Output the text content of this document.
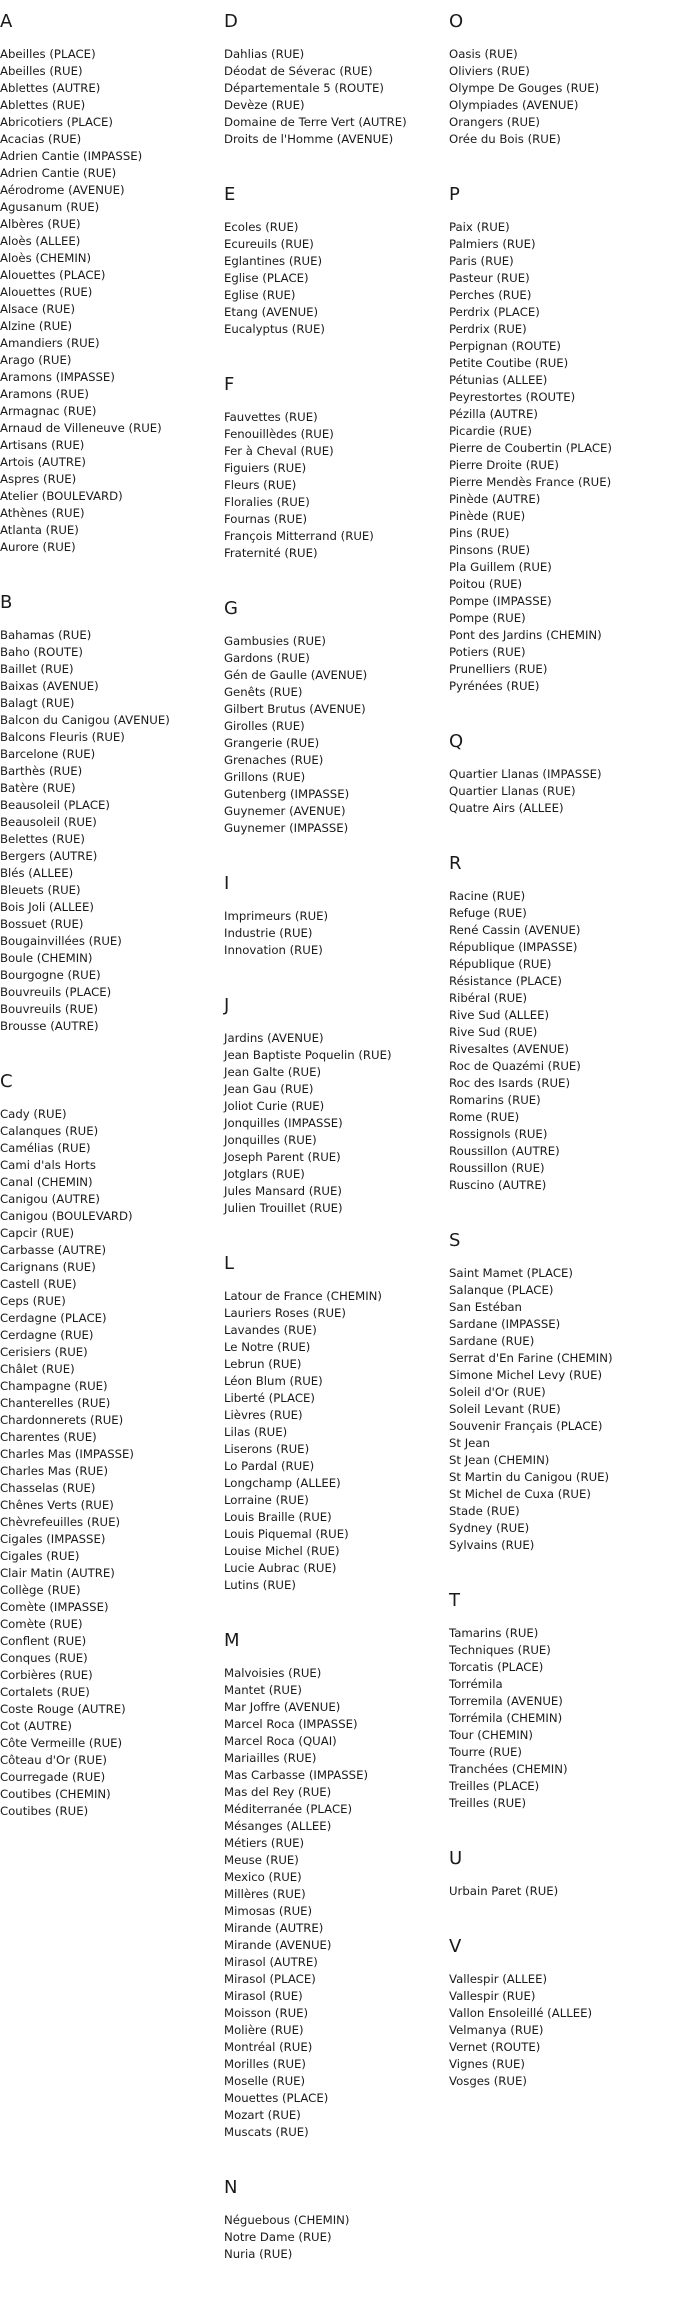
A
Abeilles (PLACE)
Abeilles (RUE)
Ablettes (AUTRE)
Ablettes (RUE)
Abricotiers (PLACE)
Acacias (RUE)
Adrien Cantie (IMPASSE)
Adrien Cantie (RUE)
Aérodrome (AVENUE)
Agusanum (RUE)
Albères (RUE)
Aloès (ALLEE)
Aloès (CHEMIN)
Alouettes (PLACE)
Alouettes (RUE)
Alsace (RUE)
Alzine (RUE)
Amandiers (RUE)
Arago (RUE)
Aramons (IMPASSE)
Aramons (RUE)
Armagnac (RUE)
Arnaud de Villeneuve (RUE)
Artisans (RUE)
Artois (AUTRE)
Aspres (RUE)
Atelier (BOULEVARD)
Athènes (RUE)
Atlanta (RUE)
Aurore (RUE)
B
Bahamas (RUE)
Baho (ROUTE)
Baillet (RUE)
Baixas (AVENUE)
Balagt (RUE)
Balcon du Canigou (AVENUE)
Balcons Fleuris (RUE)
Barcelone (RUE)
Barthès (RUE)
Batère (RUE)
Beausoleil (PLACE)
Beausoleil (RUE)
Belettes (RUE)
Bergers (AUTRE)
Blés (ALLEE)
Bleuets (RUE)
Bois Joli (ALLEE)
Bossuet (RUE)
Bougainvillées (RUE)
Boule (CHEMIN)
Bourgogne (RUE)
Bouvreuils (PLACE)
Bouvreuils (RUE)
Brousse (AUTRE)
C
Cady (RUE)
Calanques (RUE)
Camélias (RUE)
Cami d'als Horts
Canal (CHEMIN)
Canigou (AUTRE)
Canigou (BOULEVARD)
Capcir (RUE)
Carbasse (AUTRE)
Carignans (RUE)
Castell (RUE)
Ceps (RUE)
Cerdagne (PLACE)
Cerdagne (RUE)
Cerisiers (RUE)
Châlet (RUE)
Champagne (RUE)
Chanterelles (RUE)
Chardonnerets (RUE)
Charentes (RUE)
Charles Mas (IMPASSE)
Charles Mas (RUE)
Chasselas (RUE)
Chênes Verts (RUE)
Chèvrefeuilles (RUE)
Cigales (IMPASSE)
Cigales (RUE)
Clair Matin (AUTRE)
Collège (RUE)
Comète (IMPASSE)
Comète (RUE)
Conflent (RUE)
Conques (RUE)
Corbières (RUE)
Cortalets (RUE)
Coste Rouge (AUTRE)
Cot (AUTRE)
Côte Vermeille (RUE)
Côteau d'Or (RUE)
Courregade (RUE)
Coutibes (CHEMIN)
Coutibes (RUE)
D
Dahlias (RUE)
Déodat de Séverac (RUE)
Départementale 5 (ROUTE)
Devèze (RUE)
Domaine de Terre Vert (AUTRE)
Droits de l'Homme (AVENUE)
E
Ecoles (RUE)
Ecureuils (RUE)
Eglantines (RUE)
Eglise (PLACE)
Eglise (RUE)
Etang (AVENUE)
Eucalyptus (RUE)
F
Fauvettes (RUE)
Fenouillèdes (RUE)
Fer à Cheval (RUE)
Figuiers (RUE)
Fleurs (RUE)
Floralies (RUE)
Fournas (RUE)
François Mitterrand (RUE)
Fraternité (RUE)
G
Gambusies (RUE)
Gardons (RUE)
Gén de Gaulle (AVENUE)
Genêts (RUE)
Gilbert Brutus (AVENUE)
Girolles (RUE)
Grangerie (RUE)
Grenaches (RUE)
Grillons (RUE)
Gutenberg (IMPASSE)
Guynemer (AVENUE)
Guynemer (IMPASSE)
I
Imprimeurs (RUE)
Industrie (RUE)
Innovation (RUE)
J
Jardins (AVENUE)
Jean Baptiste Poquelin (RUE)
Jean Galte (RUE)
Jean Gau (RUE)
Joliot Curie (RUE)
Jonquilles (IMPASSE)
Jonquilles (RUE)
Joseph Parent (RUE)
Jotglars (RUE)
Jules Mansard (RUE)
Julien Trouillet (RUE)
L
Latour de France (CHEMIN)
Lauriers Roses (RUE)
Lavandes (RUE)
Le Notre (RUE)
Lebrun (RUE)
Léon Blum (RUE)
Liberté (PLACE)
Lièvres (RUE)
Lilas (RUE)
Liserons (RUE)
Lo Pardal (RUE)
Longchamp (ALLEE)
Lorraine (RUE)
Louis Braille (RUE)
Louis Piquemal (RUE)
Louise Michel (RUE)
Lucie Aubrac (RUE)
Lutins (RUE)
M
Malvoisies (RUE)
Mantet (RUE)
Mar Joffre (AVENUE)
Marcel Roca (IMPASSE)
Marcel Roca (QUAI)
Mariailles (RUE)
Mas Carbasse (IMPASSE)
Mas del Rey (RUE)
Méditerranée (PLACE)
Mésanges (ALLEE)
Métiers (RUE)
Meuse (RUE)
Mexico (RUE)
Millères (RUE)
Mimosas (RUE)
Mirande (AUTRE)
Mirande (AVENUE)
Mirasol (AUTRE)
Mirasol (PLACE)
Mirasol (RUE)
Moisson (RUE)
Molière (RUE)
Montréal (RUE)
Morilles (RUE)
Moselle (RUE)
Mouettes (PLACE)
Mozart (RUE)
Muscats (RUE)
N
Néguebous (CHEMIN)
Notre Dame (RUE)
Nuria (RUE)
O
Oasis (RUE)
Oliviers (RUE)
Olympe De Gouges (RUE)
Olympiades (AVENUE)
Orangers (RUE)
Orée du Bois (RUE)
P
Paix (RUE)
Palmiers (RUE)
Paris (RUE)
Pasteur (RUE)
Perches (RUE)
Perdrix (PLACE)
Perdrix (RUE)
Perpignan (ROUTE)
Petite Coutibe (RUE)
Pétunias (ALLEE)
Peyrestortes (ROUTE)
Pézilla (AUTRE)
Picardie (RUE)
Pierre de Coubertin (PLACE)
Pierre Droite (RUE)
Pierre Mendès France (RUE)
Pinède (AUTRE)
Pinède (RUE)
Pins (RUE)
Pinsons (RUE)
Pla Guillem (RUE)
Poitou (RUE)
Pompe (IMPASSE)
Pompe (RUE)
Pont des Jardins (CHEMIN)
Potiers (RUE)
Prunelliers (RUE)
Pyrénées (RUE)
Q
Quartier Llanas (IMPASSE)
Quartier Llanas (RUE)
Quatre Airs (ALLEE)
R
Racine (RUE)
Refuge (RUE)
René Cassin (AVENUE)
République (IMPASSE)
République (RUE)
Résistance (PLACE)
Ribéral (RUE)
Rive Sud (ALLEE)
Rive Sud (RUE)
Rivesaltes (AVENUE)
Roc de Quazémi (RUE)
Roc des Isards (RUE)
Romarins (RUE)
Rome (RUE)
Rossignols (RUE)
Roussillon (AUTRE)
Roussillon (RUE)
Ruscino (AUTRE)
S
Saint Mamet (PLACE)
Salanque (PLACE)
San Estéban
Sardane (IMPASSE)
Sardane (RUE)
Serrat d'En Farine (CHEMIN)
Simone Michel Levy (RUE)
Soleil d'Or (RUE)
Soleil Levant (RUE)
Souvenir Français (PLACE)
St Jean
St Jean (CHEMIN)
St Martin du Canigou (RUE)
St Michel de Cuxa (RUE)
Stade (RUE)
Sydney (RUE)
Sylvains (RUE)
T
Tamarins (RUE)
Techniques (RUE)
Torcatis (PLACE)
Torrémila
Torremila (AVENUE)
Torrémila (CHEMIN)
Tour (CHEMIN)
Tourre (RUE)
Tranchées (CHEMIN)
Treilles (PLACE)
Treilles (RUE)
U
Urbain Paret (RUE)
V
Vallespir (ALLEE)
Vallespir (RUE)
Vallon Ensoleillé (ALLEE)
Velmanya (RUE)
Vernet (ROUTE)
Vignes (RUE)
Vosges (RUE)
